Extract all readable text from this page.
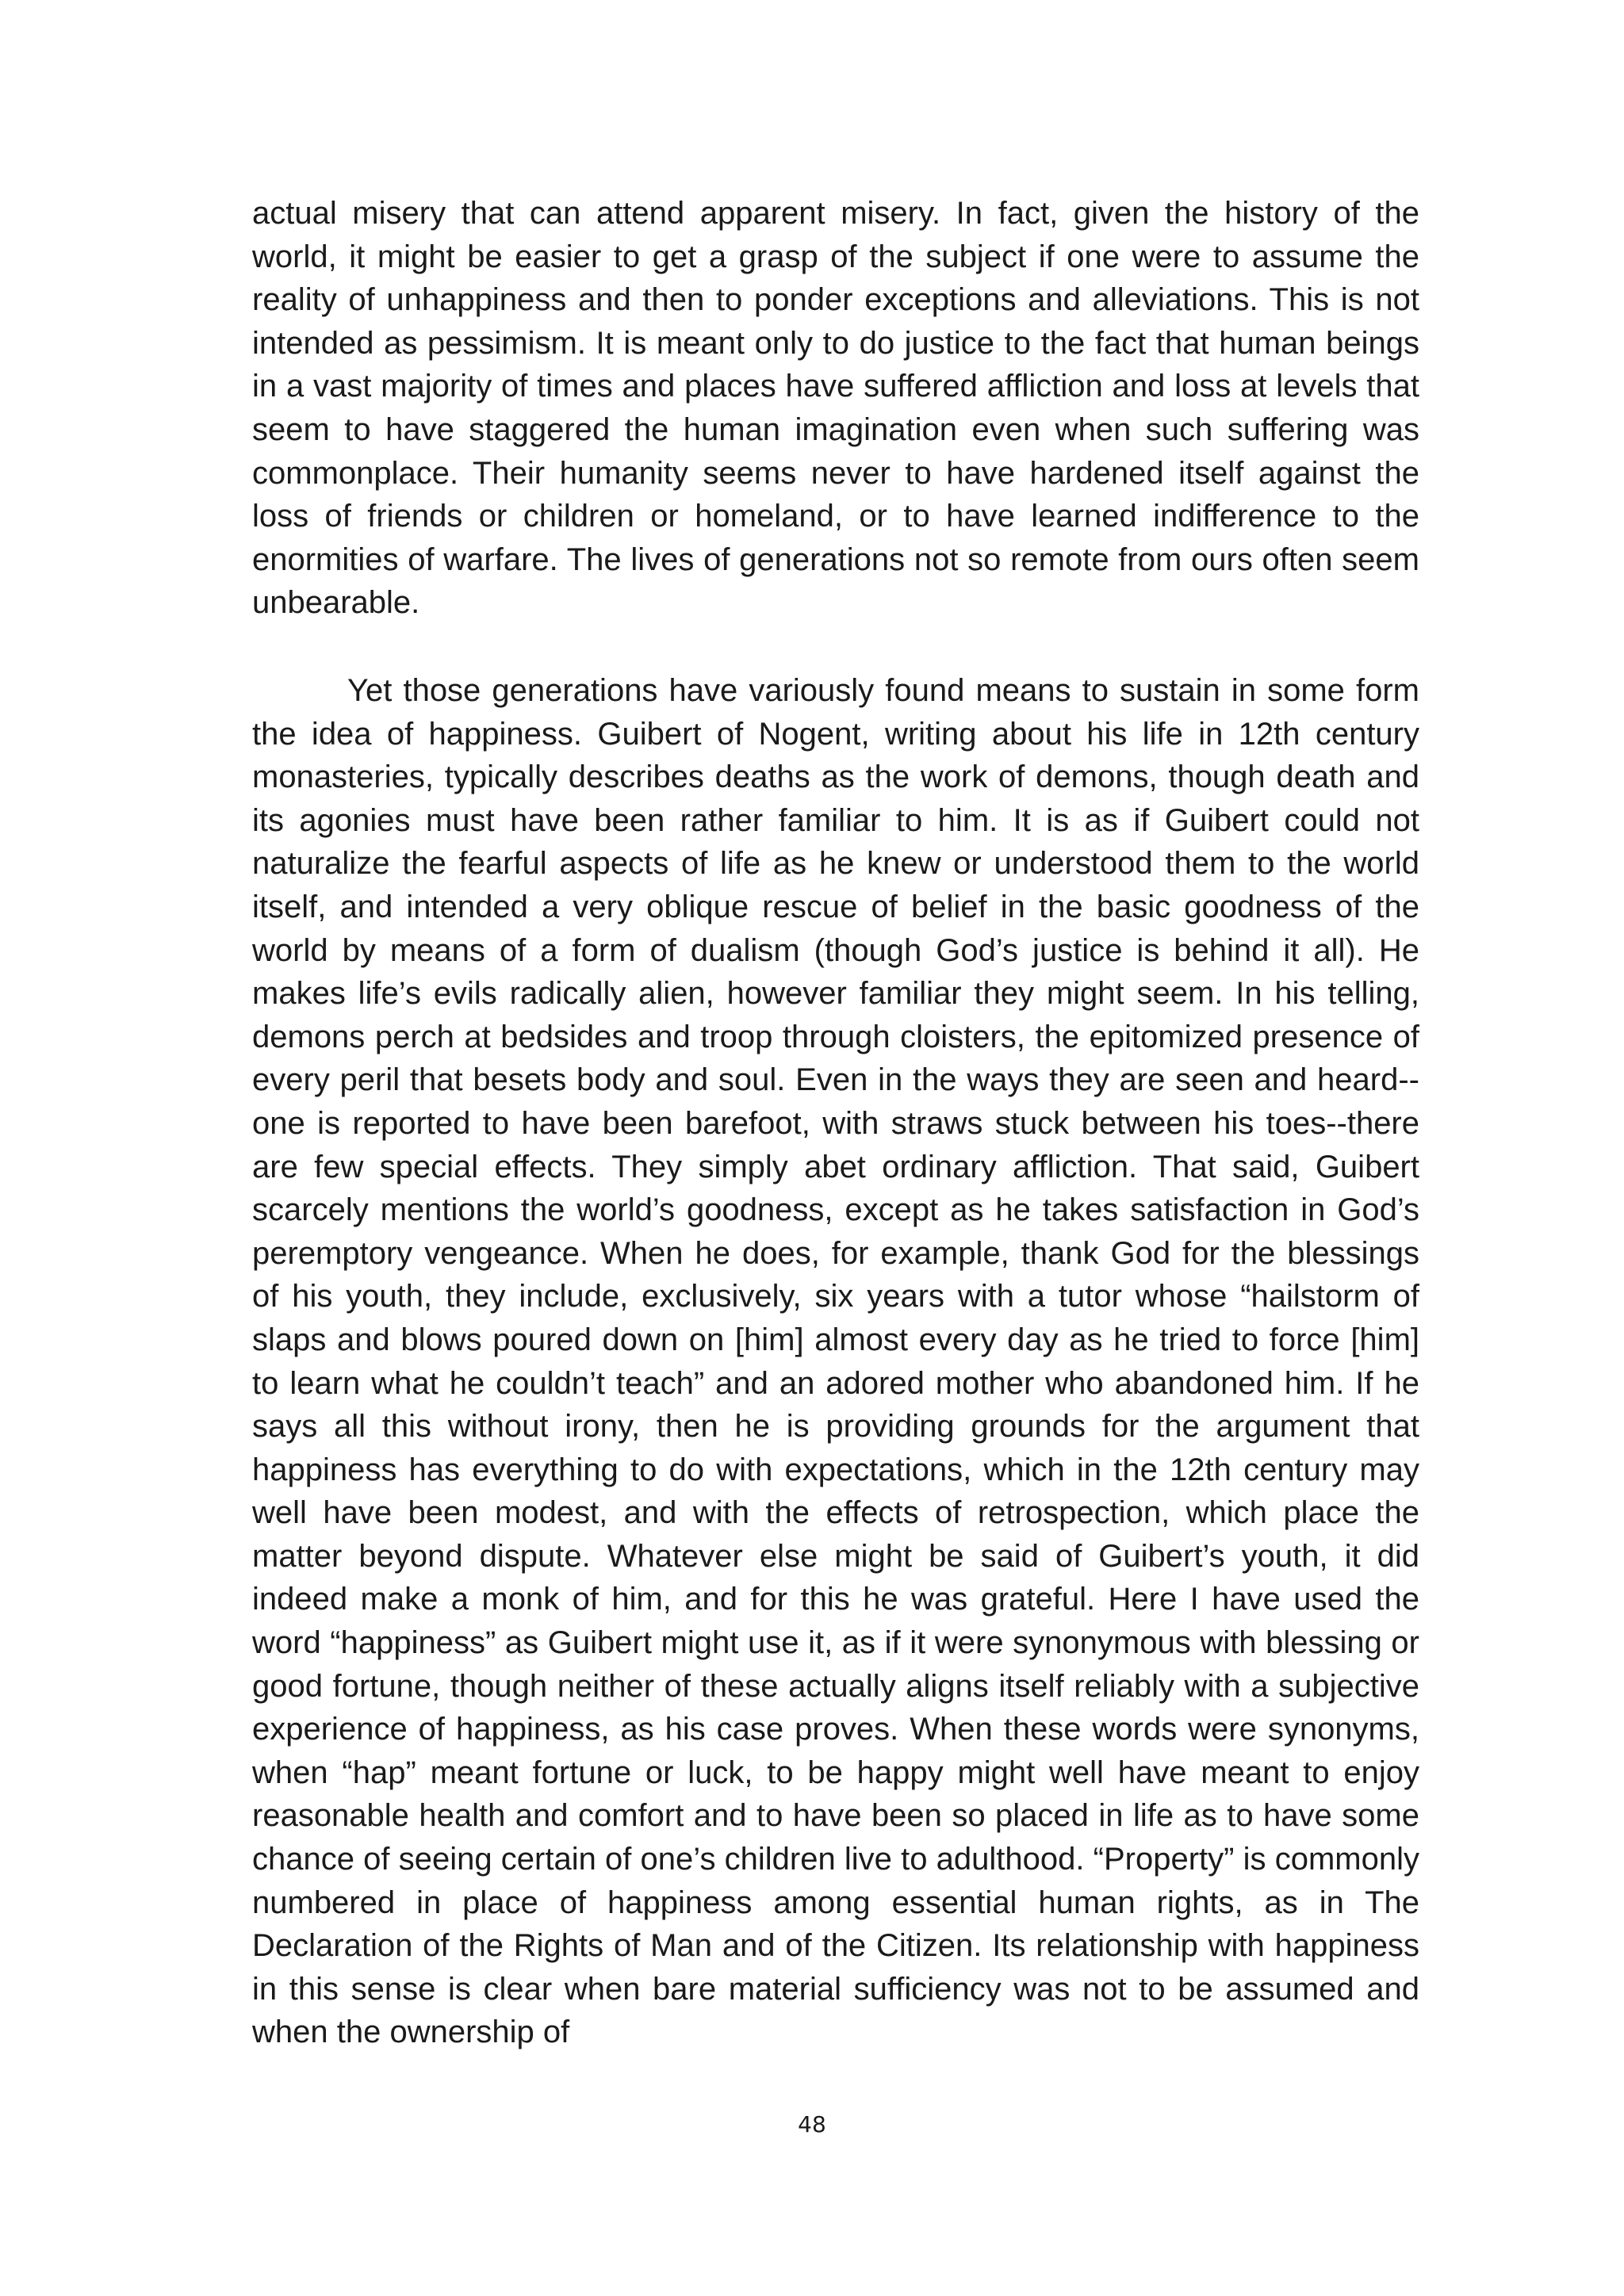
actual misery that can attend apparent misery. In fact, given the history of the world, it might be easier to get a grasp of the subject if one were to assume the reality of unhappiness and then to ponder exceptions and alleviations. This is not intended as pessimism. It is meant only to do justice to the fact that human beings in a vast majority of times and places have suffered affliction and loss at levels that seem to have staggered the human imagination even when such suffering was commonplace. Their humanity seems never to have hardened itself against the loss of friends or children or homeland, or to have learned indifference to the enormities of warfare. The lives of generations not so remote from ours often seem unbearable.

Yet those generations have variously found means to sustain in some form the idea of happiness. Guibert of Nogent, writing about his life in 12th century monasteries, typically describes deaths as the work of demons, though death and its agonies must have been rather familiar to him. It is as if Guibert could not naturalize the fearful aspects of life as he knew or understood them to the world itself, and intended a very oblique rescue of belief in the basic goodness of the world by means of a form of dualism (though God’s justice is behind it all). He makes life’s evils radically alien, however familiar they might seem. In his telling, demons perch at bedsides and troop through cloisters, the epitomized presence of every peril that besets body and soul. Even in the ways they are seen and heard--one is reported to have been barefoot, with straws stuck between his toes--there are few special effects. They simply abet ordinary affliction. That said, Guibert scarcely mentions the world’s goodness, except as he takes satisfaction in God’s peremptory vengeance. When he does, for example, thank God for the blessings of his youth, they include, exclusively, six years with a tutor whose “hailstorm of slaps and blows poured down on [him] almost every day as he tried to force [him] to learn what he couldn’t teach” and an adored mother who abandoned him. If he says all this without irony, then he is providing grounds for the argument that happiness has everything to do with expectations, which in the 12th century may well have been modest, and with the effects of retrospection, which place the matter beyond dispute. Whatever else might be said of Guibert’s youth, it did indeed make a monk of him, and for this he was grateful. Here I have used the word “happiness” as Guibert might use it, as if it were synonymous with blessing or good fortune, though neither of these actually aligns itself reliably with a subjective experience of happiness, as his case proves. When these words were synonyms, when “hap” meant fortune or luck, to be happy might well have meant to enjoy reasonable health and comfort and to have been so placed in life as to have some chance of seeing certain of one’s children live to adulthood. “Property” is commonly numbered in place of happiness among essential human rights, as in The Declaration of the Rights of Man and of the Citizen. Its relationship with happiness in this sense is clear when bare material sufficiency was not to be assumed and when the ownership of

48
